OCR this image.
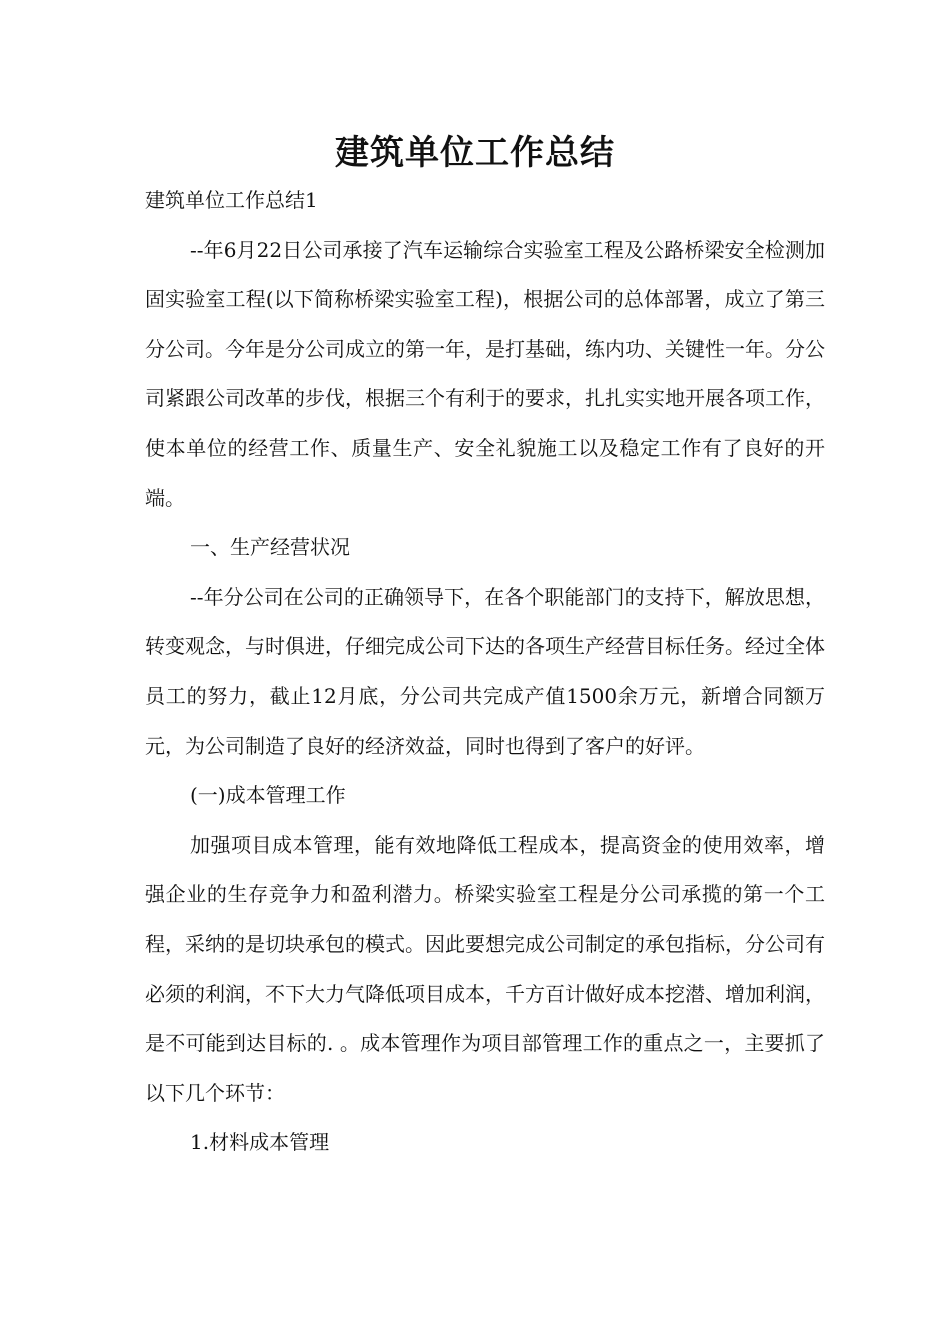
建筑单位工作总结

建筑单位工作总结1

--年6月22日公司承接了汽车运输综合实验室工程及公路桥梁安全检测加固实验室工程(以下简称桥梁实验室工程)，根据公司的总体部署，成立了第三分公司。今年是分公司成立的第一年，是打基础，练内功、关键性一年。分公司紧跟公司改革的步伐，根据三个有利于的要求，扎扎实实地开展各项工作，使本单位的经营工作、质量生产、安全礼貌施工以及稳定工作有了良好的开端。

一、生产经营状况

--年分公司在公司的正确领导下，在各个职能部门的支持下，解放思想，转变观念，与时俱进，仔细完成公司下达的各项生产经营目标任务。经过全体员工的努力，截止12月底，分公司共完成产值1500余万元，新增合同额万元，为公司制造了良好的经济效益，同时也得到了客户的好评。

(一)成本管理工作

加强项目成本管理，能有效地降低工程成本，提高资金的使用效率，增强企业的生存竞争力和盈利潜力。桥梁实验室工程是分公司承揽的第一个工程，采纳的是切块承包的模式。因此要想完成公司制定的承包指标，分公司有必须的利润，不下大力气降低项目成本，千方百计做好成本挖潜、增加利润，是不可能到达目标的. 。成本管理作为项目部管理工作的重点之一，主要抓了以下几个环节：

1.材料成本管理
